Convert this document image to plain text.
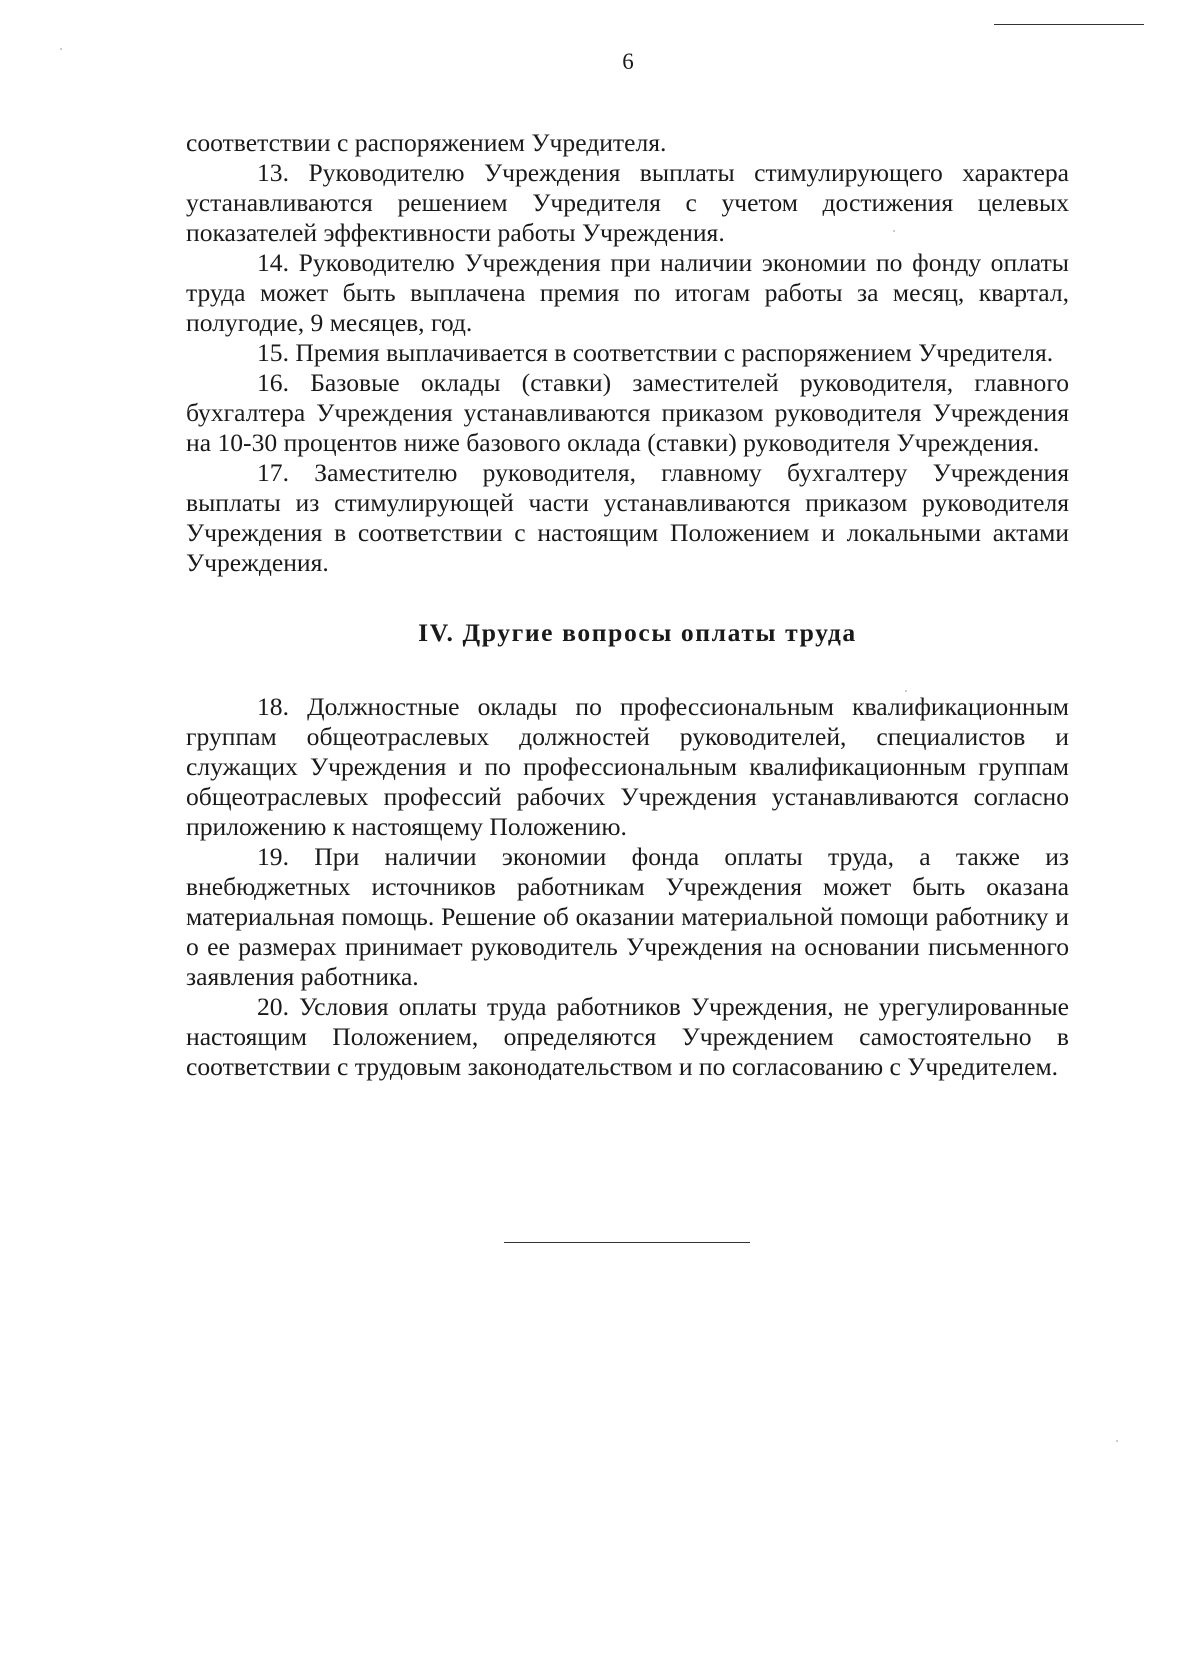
6

соответствии с распоряжением Учредителя.

13. Руководителю Учреждения выплаты стимулирующего характера устанавливаются решением Учредителя с учетом достижения целевых показателей эффективности работы Учреждения.

14. Руководителю Учреждения при наличии экономии по фонду оплаты труда может быть выплачена премия по итогам работы за месяц, квартал, полугодие, 9 месяцев, год.

15. Премия выплачивается в соответствии с распоряжением Учредителя.

16. Базовые оклады (ставки) заместителей руководителя, главного бухгалтера Учреждения устанавливаются приказом руководителя Учреждения на 10-30 процентов ниже базового оклада (ставки) руководителя Учреждения.

17. Заместителю руководителя, главному бухгалтеру Учреждения выплаты из стимулирующей части устанавливаются приказом руководителя Учреждения в соответствии с настоящим Положением и локальными актами Учреждения.

IV. Другие вопросы оплаты труда

18. Должностные оклады по профессиональным квалификационным группам общеотраслевых должностей руководителей, специалистов и служащих Учреждения и по профессиональным квалификационным группам общеотраслевых профессий рабочих Учреждения устанавливаются согласно приложению к настоящему Положению.

19. При наличии экономии фонда оплаты труда, а также из внебюджетных источников работникам Учреждения может быть оказана материальная помощь. Решение об оказании материальной помощи работнику и о ее размерах принимает руководитель Учреждения на основании письменного заявления работника.

20. Условия оплаты труда работников Учреждения, не урегулированные настоящим Положением, определяются Учреждением самостоятельно в соответствии с трудовым законодательством и по согласованию с Учредителем.
